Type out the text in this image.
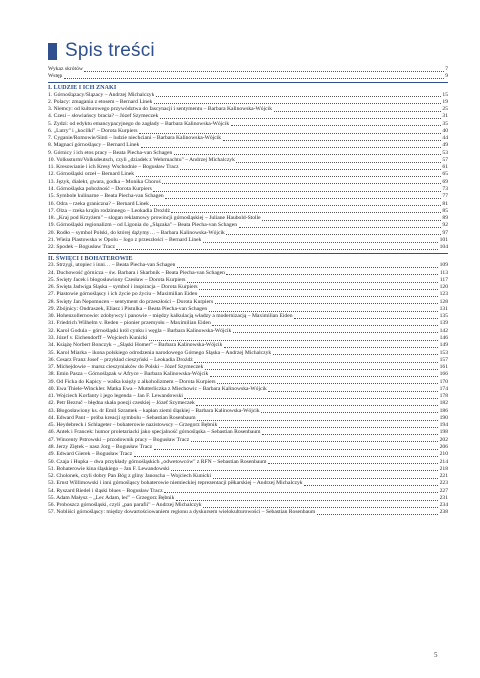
Spis treści
Wykaz skrótów	7
Wstęp	9
I. LUDZIE I ICH ZNAKI
1. Górnoślązacy/Ślązacy – Andrzej Michalczyk	15
2. Polacy: zmagania z etosem – Bernard Linek	19
3. Niemcy: od kulturowego przywództwa do fascynacji i sentymentu – Barbara Kalinowska-Wójcik	25
4. Czesi – słowiańscy bracia? – Józef Szymeczek	31
5. Żydzi: od edyktu emancypacyjnego do zagłady – Barbara Kalinowska-Wójcik	35
6. „Lutry" i „kocilki" – Dorota Kurpiers	40
7. Cyganie/Romowie/Sinti – ludzie niechciani – Barbara Kalinowska-Wójcik	44
8. Magnaci górnośląscy – Bernard Linek	49
9. Górnicy i ich etos pracy – Beata Piecha-van Schagen	53
10. Volkssturm/Volksdeutsch, czyli „dziadek z Wehrmachtu" – Andrzej Michalczyk	57
11. Kresowianie i ich Kresy Wschodnie – Bogusław Tracz	61
12. Górnośląski orzeł – Bernard Linek	65
13. Język, dialekt, gwara, godka – Monika Choroś	69
14. Górnośląska pobożność – Dorota Kurpiers	73
15. Symbole kulinarne – Beata Piecha-van Schagen	77
16. Odra – rzeka graniczna? – Bernard Linek	81
17. Olza – rzeka krajin rodzinnego – Leokadia Drożdż	85
18. „Kraj pod Krzyżem" – slogan reklamowy prowincji górnośląskiej – Juliane Haubold-Stolle	89
19. Górnośląski regionalizm – od Ligonia do „Ślązaka" – Beata Piecha-van Schagen	92
20. Rodło – symbol Polski, do której dążymy… – Barbara Kalinowska-Wójcik	97
21. Wieża Piastowska w Opolu – logo z przeszłości – Bernard Linek	101
22. Spodek – Bogusław Tracz	104
II. ŚWIĘCI I BOHATEROWIE
23. Strzygi, utopiec i inni… – Beata Piecha-van Schagen	109
24. Duchowość górnicza – św. Barbara i Skarbnik – Beata Piecha-van Schagen	113
25. Święty Jacek i błogosławiony Czesław – Dorota Kurpiers	117
26. Święta Jadwiga Śląska – symbol i inspiracja – Dorota Kurpiers	120
27. Piastowie górnośląscy i ich życie po życiu – Maximilian Eiden	123
28. Święty Jan Nepomucen – sentyment do przeszłości – Dorota Kurpiers	128
29. Zbójnicy: Ondraszek, Eliasz i Pistulka – Beata Piecha-van Schagen	131
30. Hohenzollernowie: zdobywcy i panowie – między kalkulacją władzy a modernizacją – Maximilian Eiden	135
31. Friedrich Wilhelm v. Reden – pionier przemysłu – Maximilian Eiden	139
32. Karol Godula – górnośląski król cynku i węgla – Barbara Kalinowska-Wójcik	142
33. Józef v. Eichendorff – Wojciech Kunicki	146
34. Książę Norbert Bonczyk – „Śląski Homer" – Barbara Kalinowska-Wójcik	149
35. Karol Miarka – ikona polskiego odrodzenia narodowego Górnego Śląska – Andrzej Michalczyk	153
36. Cesarz Franz Josef – przykład cieszyński – Leokadia Drożdż	157
37. Michejdowie – marsz cieszyniaków do Polski – Józef Szymeczek	161
38. Emin Pasza – Górnoślązak w Afryce – Barbara Kalinowska-Wójcik	166
39. Od Ficka do Kapicy – walka księży z alkoholizmem – Dorota Kurpiers	170
40. Ewa Thiele-Winckler. Matka Ewa – Mutterliczka z Miechowic – Barbara Kalinowska-Wójcik	174
41. Wojciech Korfanty i jego legenda – Jan F. Lewandowski	178
42. Petr Bezruč – błędna skała poezji czeskiej – Józef Szymeczek	182
43. Błogosławiony ks. dr Emil Szramek – kapłan ziemi śląskiej – Barbara Kalinowska-Wójcik	186
44. Edward Pant – próba kreacji symbolu – Sebastian Rosenbaum	190
45. Heydebreck i Schlageter – bohaterowie nazistowscy – Grzegorz Bębnik	194
46. Antek i Francek: humor proletariacki jako specjalność górnośląska – Sebastian Rosenbaum	198
47. Wincenty Pstrowski – przodownik pracy – Bogusław Tracz	202
48. Jerzy Ziętek – nasz Jorg – Bogusław Tracz	206
49. Edward Gierek – Bogusław Tracz	210
50. Czaja i Hupka – dwa przykłady górnośląskich „odwetowców" z RFN – Sebastian Rosenbaum	214
51. Bohaterowie kina śląskiego – Jan F. Lewandowski	218
52. Cholonek, czyli dobry Pan Bóg z gliny Janoscha – Wojciech Kunicki	221
53. Ernst Willimowski i inni górnośląscy bohaterowie niemieckiej reprezentacji piłkarskiej – Andrzej Michalczyk	223
54. Ryszard Riedel i śląski blues – Bogusław Tracz	227
55. Adam Małysz – „Lec Adam, leć" – Grzegorz Bębnik	231
56. Proboszcz górnośląski, czyli „pan parafii" – Andrzej Michalczyk	234
57. Nobliści górnośląscy: między dowartościowaniem regionu a dyskursem wielokulturowości – Sebastian Rosenbaum	238
5
